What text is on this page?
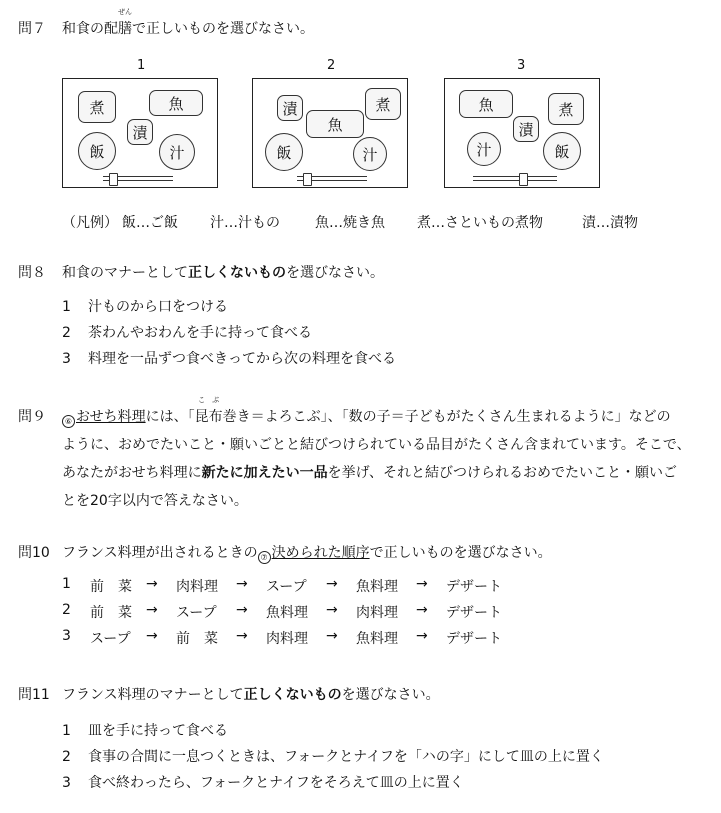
問７ 和食の配
ぜん
膳で正しいものを選びなさい。
1	2	3
煮	魚
漬
飯	汁
漬	煮
魚
飯	汁
魚	煮
漬
汁	飯
（凡例） 飯…ご飯 汁…汁もの	魚…焼き魚 煮…さといもの煮物	漬…漬物
問８ 和食のマナーとして正しくないものを選びなさい。
1 汁ものから口をつける
2 茶わんやおわんを手に持って食べる
3 料理を一品ずつ食べきってから次の料理を食べる
問９	⑥ おせち料理には、「
こ
昆
ぶ
布巻き＝よろこぶ」、「数の子＝子どもがたくさん生まれるように」などの
ように、おめでたいこと・願いごとと結びつけられている品目がたくさん含まれています。そこで、
あなたがおせち料理に新たに加えたい一品を挙げ、それと結びつけられるおめでたいこと・願いご
とを20字以内で答えなさい。
問10 フランス料理が出されるときの ⑦ 決められた順序で正しいものを選びなさい。
1 前　菜 → 肉料理 → スープ → 魚料理 → デザート
2 前　菜 → スープ → 魚料理 → 肉料理 → デザート
3 スープ → 前　菜 → 肉料理 → 魚料理 → デザート
問11 フランス料理のマナーとして正しくないものを選びなさい。
1 皿を手に持って食べる
2 食事の合間に一息つくときは、フォークとナイフを「ハの字」にして皿の上に置く
3 食べ終わったら、フォークとナイフをそろえて皿の上に置く
